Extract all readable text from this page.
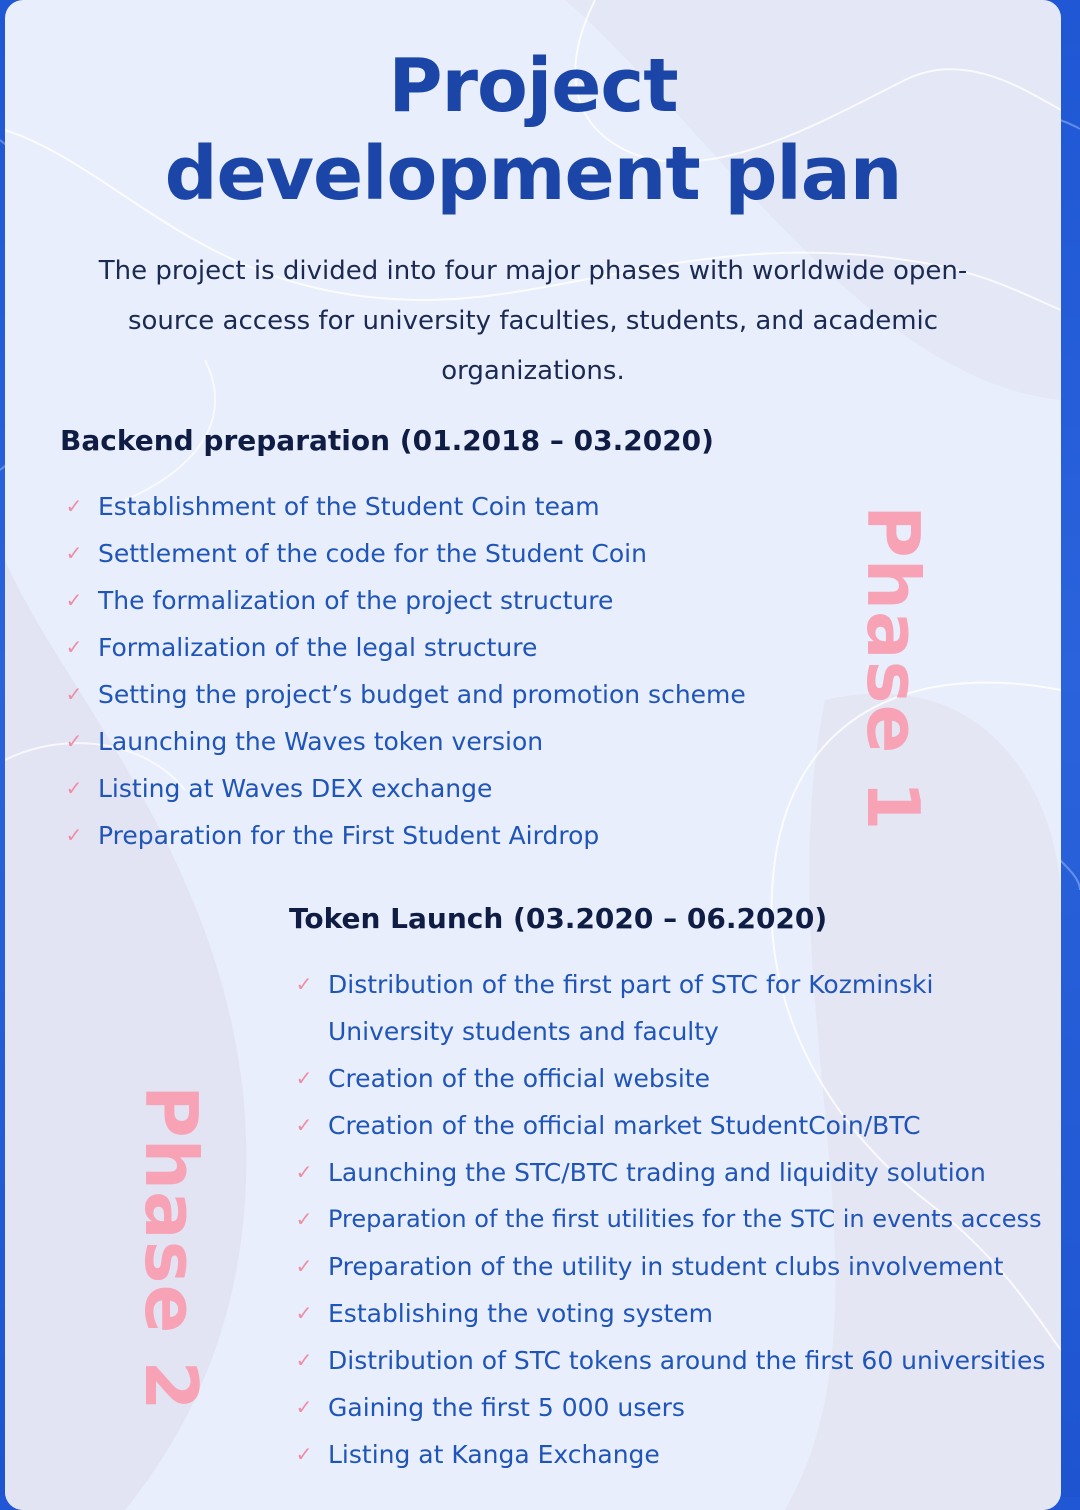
Project
development plan

The project is divided into four major phases with worldwide open-source access for university faculties, students, and academic organizations.

Backend preparation (01.2018 – 03.2020)
✓ Establishment of the Student Coin team
✓ Settlement of the code for the Student Coin
✓ The formalization of the project structure
✓ Formalization of the legal structure
✓ Setting the project’s budget and promotion scheme
✓ Launching the Waves token version
✓ Listing at Waves DEX exchange
✓ Preparation for the First Student Airdrop
Phase 1
Token Launch (03.2020 – 06.2020)
✓ Distribution of the first part of STC for Kozminski University students and faculty
✓ Creation of the official website
✓ Creation of the official market StudentCoin/BTC
✓ Launching the STC/BTC trading and liquidity solution
✓ Preparation of the first utilities for the STC in events access
✓ Preparation of the utility in student clubs involvement
✓ Establishing the voting system
✓ Distribution of STC tokens around the first 60 universities
✓ Gaining the first 5 000 users
✓ Listing at Kanga Exchange
Phase 2
